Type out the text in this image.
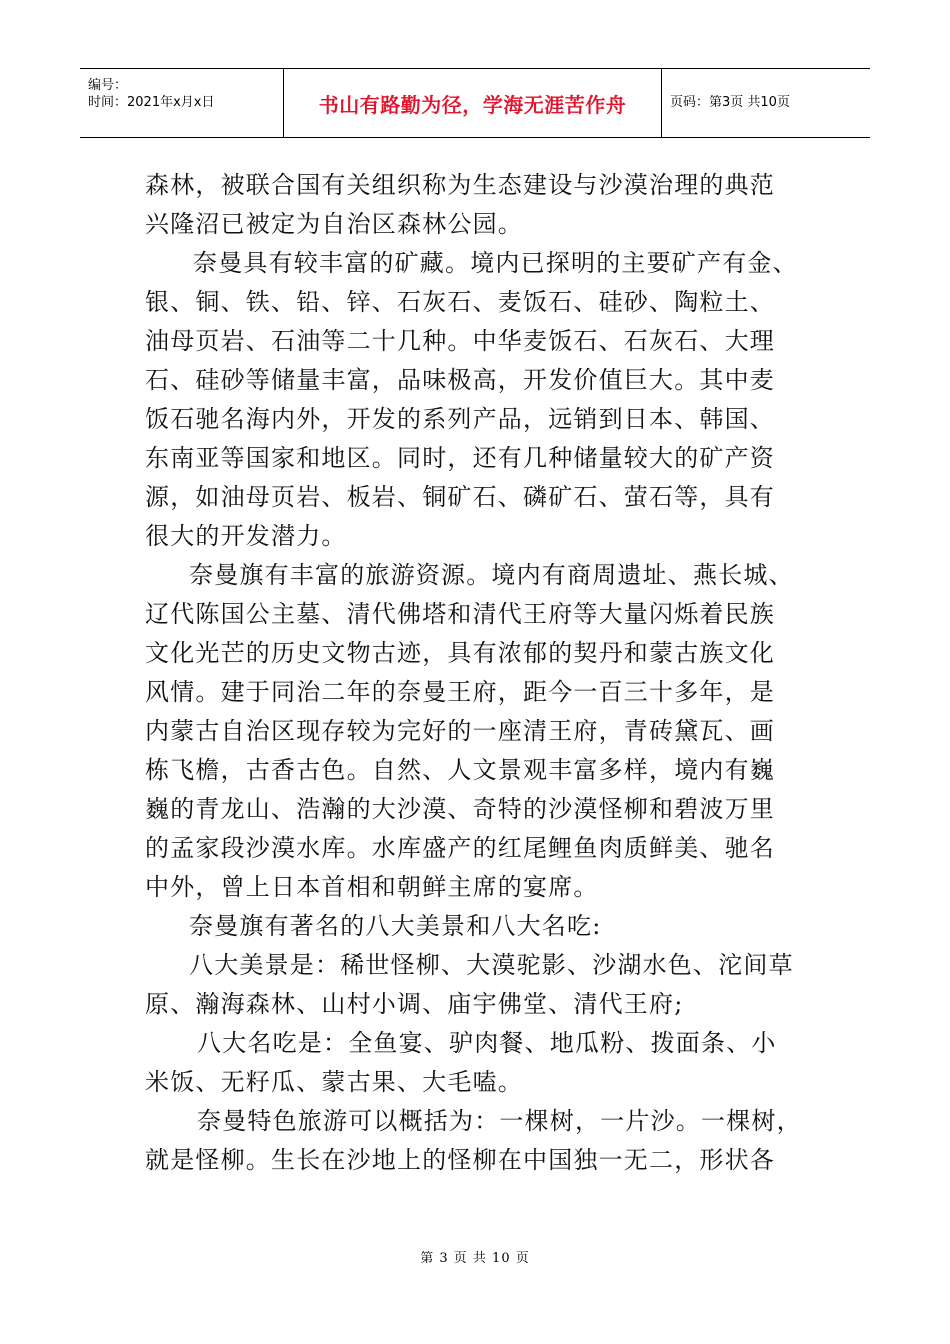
编号：
时间：2021年x月x日	书山有路勤为径，学海无涯苦作舟	页码：第3页 共10页
森林，被联合国有关组织称为生态建设与沙漠治理的典范
兴隆沼已被定为自治区森林公园。
奈曼具有较丰富的矿藏。境内已探明的主要矿产有金、
银、铜、铁、铅、锌、石灰石、麦饭石、硅砂、陶粒土、
油母页岩、石油等二十几种。中华麦饭石、石灰石、大理
石、硅砂等储量丰富，品味极高，开发价值巨大。其中麦
饭石驰名海内外，开发的系列产品，远销到日本、韩国、
东南亚等国家和地区。同时，还有几种储量较大的矿产资
源，如油母页岩、板岩、铜矿石、磷矿石、萤石等，具有
很大的开发潜力。
奈曼旗有丰富的旅游资源。境内有商周遗址、燕长城、
辽代陈国公主墓、清代佛塔和清代王府等大量闪烁着民族
文化光芒的历史文物古迹，具有浓郁的契丹和蒙古族文化
风情。建于同治二年的奈曼王府，距今一百三十多年，是
内蒙古自治区现存较为完好的一座清王府，青砖黛瓦、画
栋飞檐，古香古色。自然、人文景观丰富多样，境内有巍
巍的青龙山、浩瀚的大沙漠、奇特的沙漠怪柳和碧波万里
的孟家段沙漠水库。水库盛产的红尾鲤鱼肉质鲜美、驰名
中外，曾上日本首相和朝鲜主席的宴席。
奈曼旗有著名的八大美景和八大名吃:
八大美景是：稀世怪柳、大漠驼影、沙湖水色、沱间草
原、瀚海森林、山村小调、庙宇佛堂、清代王府;
八大名吃是：全鱼宴、驴肉餐、地瓜粉、拨面条、小
米饭、无籽瓜、蒙古果、大毛嗑。
奈曼特色旅游可以概括为：一棵树，一片沙。一棵树，
就是怪柳。生长在沙地上的怪柳在中国独一无二，形状各
第 3 页 共 10 页
